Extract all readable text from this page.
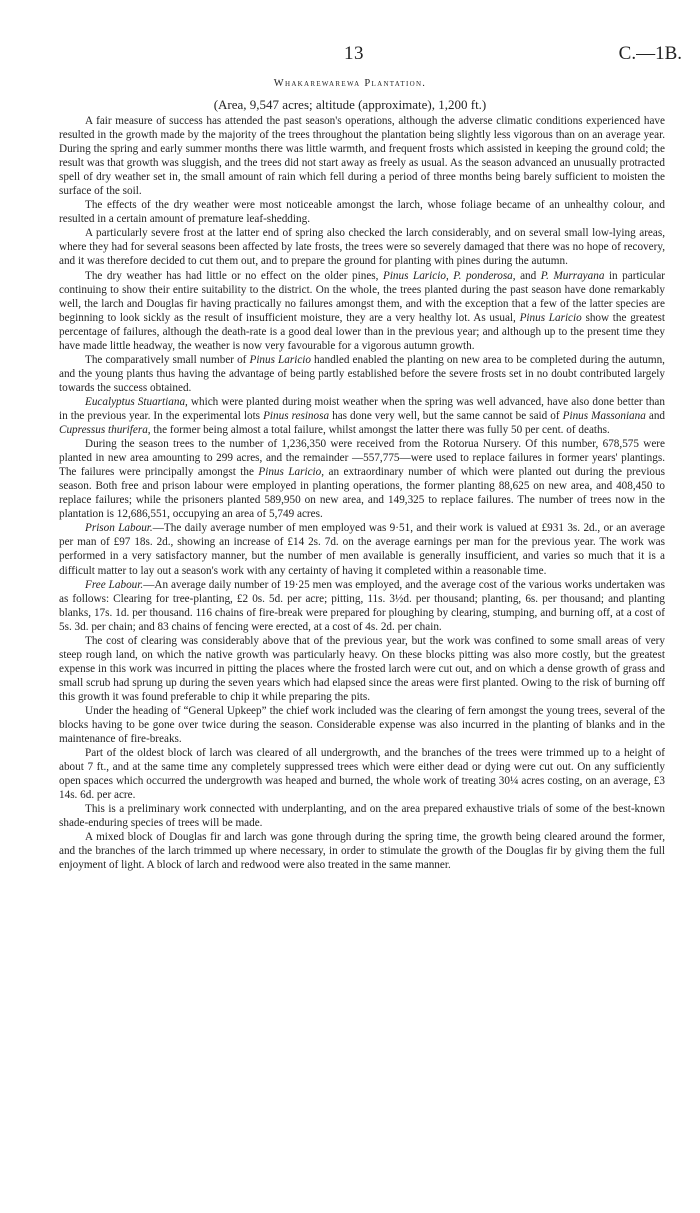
13	C.—1B.
Whakarewarewa Plantation.
(Area, 9,547 acres; altitude (approximate), 1,200 ft.)

A fair measure of success has attended the past season's operations, although the adverse climatic conditions experienced have resulted in the growth made by the majority of the trees throughout the plantation being slightly less vigorous than on an average year. During the spring and early summer months there was little warmth, and frequent frosts which assisted in keeping the ground cold; the result was that growth was sluggish, and the trees did not start away as freely as usual. As the season advanced an unusually protracted spell of dry weather set in, the small amount of rain which fell during a period of three months being barely sufficient to moisten the surface of the soil.

The effects of the dry weather were most noticeable amongst the larch, whose foliage became of an unhealthy colour, and resulted in a certain amount of premature leaf-shedding.

A particularly severe frost at the latter end of spring also checked the larch considerably, and on several small low-lying areas, where they had for several seasons been affected by late frosts, the trees were so severely damaged that there was no hope of recovery, and it was therefore decided to cut them out, and to prepare the ground for planting with pines during the autumn.

The dry weather has had little or no effect on the older pines, Pinus Laricio, P. ponderosa, and P. Murrayana in particular continuing to show their entire suitability to the district. On the whole, the trees planted during the past season have done remarkably well, the larch and Douglas fir having practically no failures amongst them, and with the exception that a few of the latter species are beginning to look sickly as the result of insufficient moisture, they are a very healthy lot. As usual, Pinus Laricio show the greatest percentage of failures, although the death-rate is a good deal lower than in the previous year; and although up to the present time they have made little headway, the weather is now very favourable for a vigorous autumn growth.

The comparatively small number of Pinus Laricio handled enabled the planting on new area to be completed during the autumn, and the young plants thus having the advantage of being partly established before the severe frosts set in no doubt contributed largely towards the success obtained.

Eucalyptus Stuartiana, which were planted during moist weather when the spring was well advanced, have also done better than in the previous year. In the experimental lots Pinus resinosa has done very well, but the same cannot be said of Pinus Massoniana and Cupressus thurifera, the former being almost a total failure, whilst amongst the latter there was fully 50 per cent. of deaths.

During the season trees to the number of 1,236,350 were received from the Rotorua Nursery. Of this number, 678,575 were planted in new area amounting to 299 acres, and the remainder —557,775—were used to replace failures in former years' plantings. The failures were principally amongst the Pinus Laricio, an extraordinary number of which were planted out during the previous season. Both free and prison labour were employed in planting operations, the former planting 88,625 on new area, and 408,450 to replace failures; while the prisoners planted 589,950 on new area, and 149,325 to replace failures. The number of trees now in the plantation is 12,686,551, occupying an area of 5,749 acres.

Prison Labour.—The daily average number of men employed was 9·51, and their work is valued at £931 3s. 2d., or an average per man of £97 18s. 2d., showing an increase of £14 2s. 7d. on the average earnings per man for the previous year. The work was performed in a very satisfactory manner, but the number of men available is generally insufficient, and varies so much that it is a difficult matter to lay out a season's work with any certainty of having it completed within a reasonable time.

Free Labour.—An average daily number of 19·25 men was employed, and the average cost of the various works undertaken was as follows: Clearing for tree-planting, £2 0s. 5d. per acre; pitting, 11s. 3½d. per thousand; planting, 6s. per thousand; and planting blanks, 17s. 1d. per thousand. 116 chains of fire-break were prepared for ploughing by clearing, stumping, and burning off, at a cost of 5s. 3d. per chain; and 83 chains of fencing were erected, at a cost of 4s. 2d. per chain.

The cost of clearing was considerably above that of the previous year, but the work was confined to some small areas of very steep rough land, on which the native growth was particularly heavy. On these blocks pitting was also more costly, but the greatest expense in this work was incurred in pitting the places where the frosted larch were cut out, and on which a dense growth of grass and small scrub had sprung up during the seven years which had elapsed since the areas were first planted. Owing to the risk of burning off this growth it was found preferable to chip it while preparing the pits.

Under the heading of “General Upkeep” the chief work included was the clearing of fern amongst the young trees, several of the blocks having to be gone over twice during the season. Considerable expense was also incurred in the planting of blanks and in the maintenance of fire-breaks.

Part of the oldest block of larch was cleared of all undergrowth, and the branches of the trees were trimmed up to a height of about 7 ft., and at the same time any completely suppressed trees which were either dead or dying were cut out. On any sufficiently open spaces which occurred the undergrowth was heaped and burned, the whole work of treating 30¼ acres costing, on an average, £3 14s. 6d. per acre.

This is a preliminary work connected with underplanting, and on the area prepared exhaustive trials of some of the best-known shade-enduring species of trees will be made.

A mixed block of Douglas fir and larch was gone through during the spring time, the growth being cleared around the former, and the branches of the larch trimmed up where necessary, in order to stimulate the growth of the Douglas fir by giving them the full enjoyment of light. A block of larch and redwood were also treated in the same manner.
